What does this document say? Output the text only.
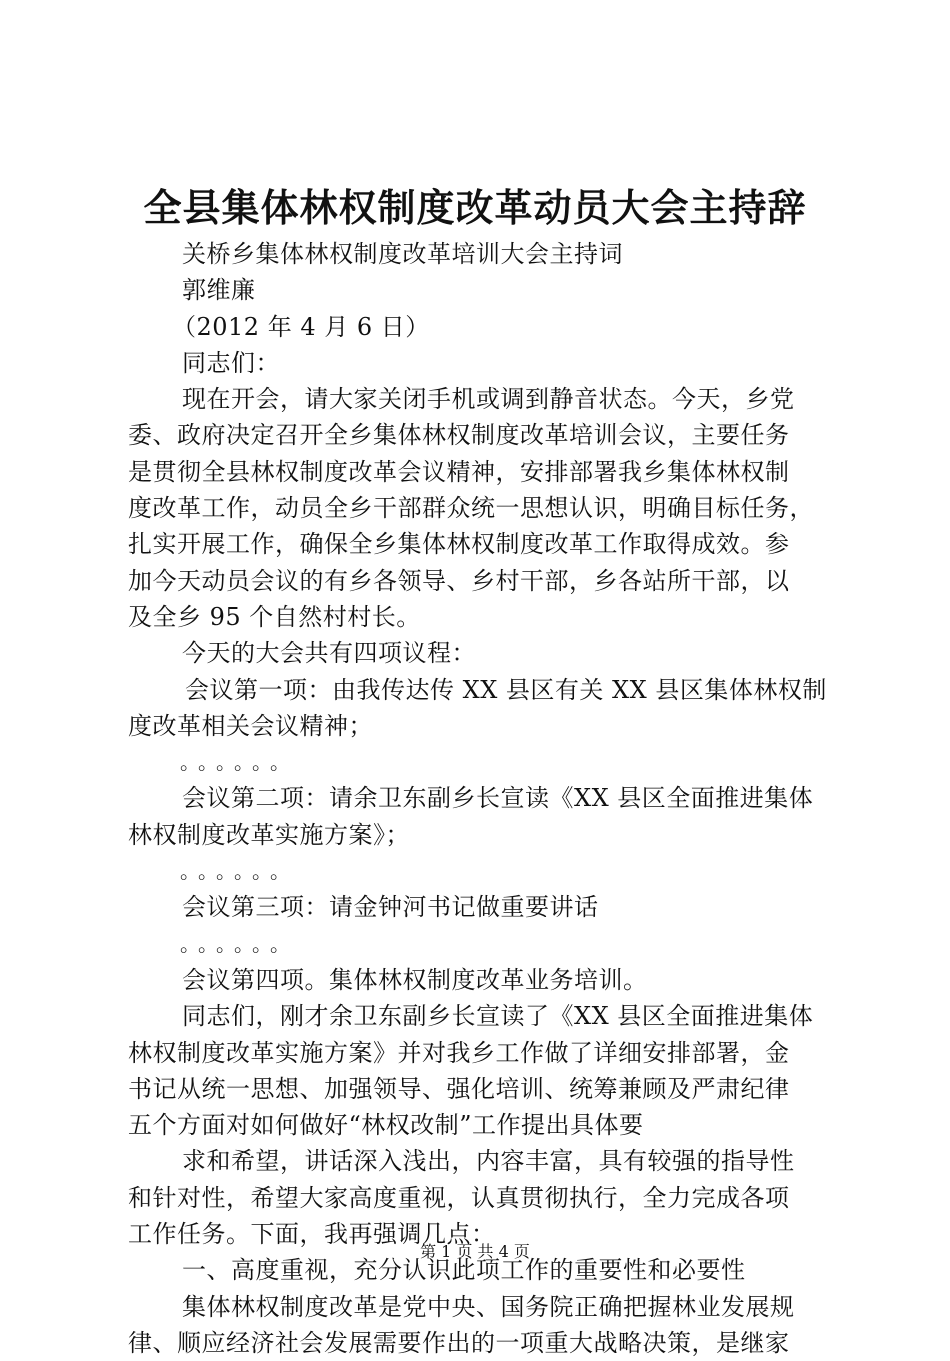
全县集体林权制度改革动员大会主持辞
关桥乡集体林权制度改革培训大会主持词
郭维廉
（2012 年 4 月 6 日）
同志们：
现在开会，请大家关闭手机或调到静音状态。今天，乡党
委、政府决定召开全乡集体林权制度改革培训会议，主要任务
是贯彻全县林权制度改革会议精神，安排部署我乡集体林权制
度改革工作，动员全乡干部群众统一思想认识，明确目标任务，
扎实开展工作，确保全乡集体林权制度改革工作取得成效。参
加今天动员会议的有乡各领导、乡村干部，乡各站所干部，以
及全乡 95 个自然村村长。
今天的大会共有四项议程：
会议第一项：由我传达传 XX 县区有关 XX 县区集体林权制
度改革相关会议精神；
。。。。。。
会议第二项：请余卫东副乡长宣读《XX 县区全面推进集体
林权制度改革实施方案》；
。。。。。。
会议第三项：请金钟河书记做重要讲话
。。。。。。
会议第四项。集体林权制度改革业务培训。
同志们，刚才余卫东副乡长宣读了《XX 县区全面推进集体
林权制度改革实施方案》并对我乡工作做了详细安排部署，金
书记从统一思想、加强领导、强化培训、统筹兼顾及严肃纪律
五个方面对如何做好“林权改制”工作提出具体要
求和希望，讲话深入浅出，内容丰富，具有较强的指导性
和针对性，希望大家高度重视，认真贯彻执行，全力完成各项
工作任务。下面，我再强调几点：
一、高度重视，充分认识此项工作的重要性和必要性
集体林权制度改革是党中央、国务院正确把握林业发展规
律、顺应经济社会发展需要作出的一项重大战略决策，是继家
第 1 页 共 4 页
